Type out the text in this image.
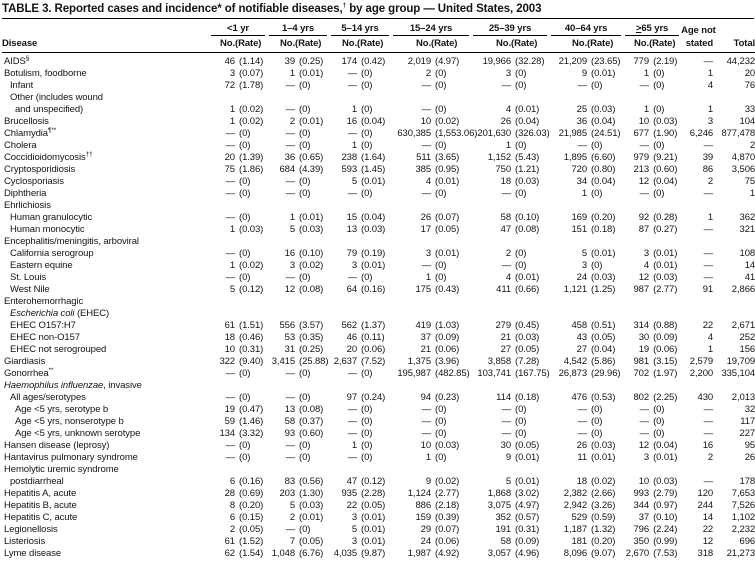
TABLE 3. Reported cases and incidence* of notifiable diseases,† by age group — United States, 2003

	<1 yr		1–4 yrs		5–14 yrs		15–24 yrs		25–39 yrs		40–64 yrs		≥65 yrs		Age not	
Disease	No.	(Rate)	No.	(Rate)	No.	(Rate)	No.	(Rate)	No.	(Rate)	No.	(Rate)	No.	(Rate)	stated	Total
AIDS§	46	(1.14)	39	(0.25)	174	(0.42)	2,019	(4.97)	19,966	(32.28)	21,209	(23.65)	779	(2.19)	—	44,232
Botulism, foodborne	3	(0.07)	1	(0.01)	—	(0)	2	(0)	3	(0)	9	(0.01)	1	(0)	1	20
Infant	72	(1.78)	—	(0)	—	(0)	—	(0)	—	(0)	—	(0)	—	(0)	4	76
Other (includes wound																
and unspecified)	1	(0.02)	—	(0)	1	(0)	—	(0)	4	(0.01)	25	(0.03)	1	(0)	1	33
Brucellosis	1	(0.02)	2	(0.01)	16	(0.04)	10	(0.02)	26	(0.04)	36	(0.04)	10	(0.03)	3	104
Chlamydia¶**	—	(0)	—	(0)	—	(0)	630,385	(1,553.06)	201,630	(326.03)	21,985	(24.51)	677	(1.90)	6,246	877,478
Cholera	—	(0)	—	(0)	1	(0)	—	(0)	1	(0)	—	(0)	—	(0)	—	2
Coccidioidomycosis††	20	(1.39)	36	(0.65)	238	(1.64)	511	(3.65)	1,152	(5.43)	1,895	(6.60)	979	(9.21)	39	4,870
Cryptosporidiosis	75	(1.86)	684	(4.39)	593	(1.45)	385	(0.95)	750	(1.21)	720	(0.80)	213	(0.60)	86	3,506
Cyclosporiasis	—	(0)	—	(0)	5	(0.01)	4	(0.01)	18	(0.03)	34	(0.04)	12	(0.04)	2	75
Diphtheria	—	(0)	—	(0)	—	(0)	—	(0)	—	(0)	1	(0)	—	(0)	—	1
Ehrlichiosis																
Human granulocytic	—	(0)	1	(0.01)	15	(0.04)	26	(0.07)	58	(0.10)	169	(0.20)	92	(0.28)	1	362
Human monocytic	1	(0.03)	5	(0.03)	13	(0.03)	17	(0.05)	47	(0.08)	151	(0.18)	87	(0.27)	—	321
Encephalitis/meningitis, arboviral																
California serogroup	—	(0)	16	(0.10)	79	(0.19)	3	(0.01)	2	(0)	5	(0.01)	3	(0.01)	—	108
Eastern equine	1	(0.02)	3	(0.02)	3	(0.01)	—	(0)	—	(0)	3	(0)	4	(0.01)	—	14
St. Louis	—	(0)	—	(0)	—	(0)	1	(0)	4	(0.01)	24	(0.03)	12	(0.03)	—	41
West Nile	5	(0.12)	12	(0.08)	64	(0.16)	175	(0.43)	411	(0.66)	1,121	(1.25)	987	(2.77)	91	2,866
Enterohemorrhagic																
Escherichia coli (EHEC)																
EHEC O157:H7	61	(1.51)	556	(3.57)	562	(1.37)	419	(1.03)	279	(0.45)	458	(0.51)	314	(0.88)	22	2,671
EHEC non-O157	18	(0.46)	53	(0.35)	46	(0.11)	37	(0.09)	21	(0.03)	43	(0.05)	30	(0.09)	4	252
EHEC not serogrouped	10	(0.31)	31	(0.25)	20	(0.06)	21	(0.06)	27	(0.05)	27	(0.04)	19	(0.06)	1	156
Giardiasis	322	(9.40)	3,415	(25.88)	2,637	(7.52)	1,375	(3.96)	3,858	(7.28)	4,542	(5.86)	981	(3.15)	2,579	19,709
Gonorrhea**	—	(0)	—	(0)	—	(0)	195,987	(482.85)	103,741	(167.75)	26,873	(29.96)	702	(1.97)	2,200	335,104
Haemophilus influenzae, invasive																
All ages/serotypes	—	(0)	—	(0)	97	(0.24)	94	(0.23)	114	(0.18)	476	(0.53)	802	(2.25)	430	2,013
Age <5 yrs, serotype b	19	(0.47)	13	(0.08)	—	(0)	—	(0)	—	(0)	—	(0)	—	(0)	—	32
Age <5 yrs, nonserotype b	59	(1.46)	58	(0.37)	—	(0)	—	(0)	—	(0)	—	(0)	—	(0)	—	117
Age <5 yrs, unknown serotype	134	(3.32)	93	(0.60)	—	(0)	—	(0)	—	(0)	—	(0)	—	(0)	—	227
Hansen disease (leprosy)	—	(0)	—	(0)	1	(0)	10	(0.03)	30	(0.05)	26	(0.03)	12	(0.04)	16	95
Hantavirus pulmonary syndrome	—	(0)	—	(0)	—	(0)	1	(0)	9	(0.01)	11	(0.01)	3	(0.01)	2	26
Hemolytic uremic syndrome																
postdiarrheal	6	(0.16)	83	(0.56)	47	(0.12)	9	(0.02)	5	(0.01)	18	(0.02)	10	(0.03)	—	178
Hepatitis A, acute	28	(0.69)	203	(1.30)	935	(2.28)	1,124	(2.77)	1,868	(3.02)	2,382	(2.66)	993	(2.79)	120	7,653
Hepatitis B, acute	8	(0.20)	5	(0.03)	22	(0.05)	886	(2.18)	3,075	(4.97)	2,942	(3.26)	344	(0.97)	244	7,526
Hepatitis C, acute	6	(0.15)	2	(0.01)	3	(0.01)	159	(0.39)	352	(0.57)	529	(0.59)	37	(0.10)	14	1,102
Legionellosis	2	(0.05)	—	(0)	5	(0.01)	29	(0.07)	191	(0.31)	1,187	(1.32)	796	(2.24)	22	2,232
Listeriosis	61	(1.52)	7	(0.05)	3	(0.01)	24	(0.06)	58	(0.09)	181	(0.20)	350	(0.99)	12	696
Lyme disease	62	(1.54)	1,048	(6.76)	4,035	(9.87)	1,987	(4.92)	3,057	(4.96)	8,096	(9.07)	2,670	(7.53)	318	21,273
